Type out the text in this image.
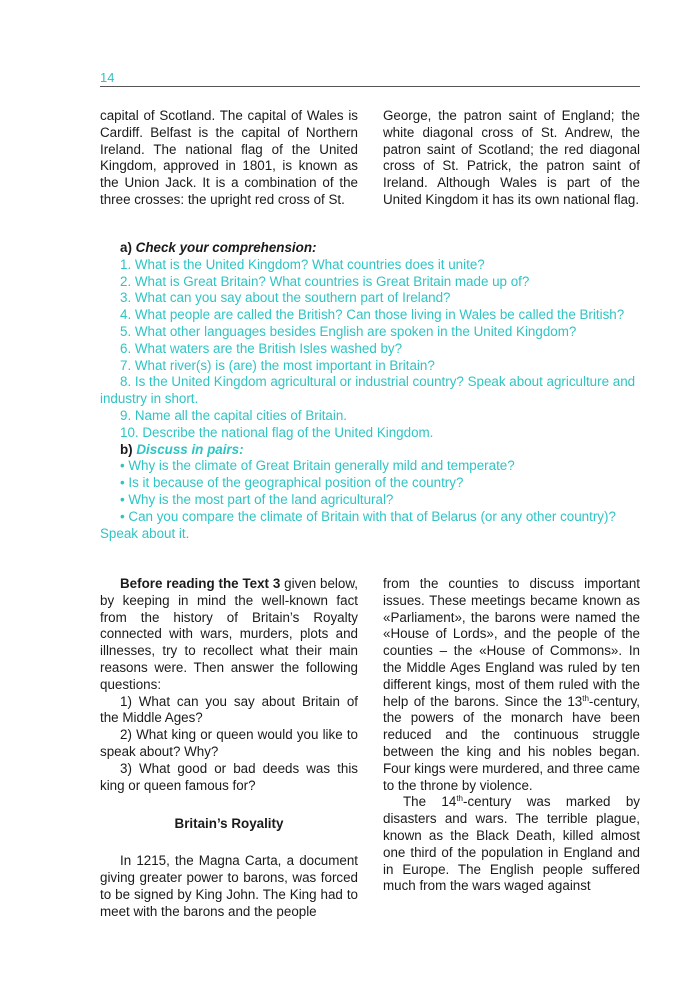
14

capital of Scotland. The capital of Wales is Cardiff. Belfast is the capital of Northern Ireland. The national flag of the United Kingdom, approved in 1801, is known as the Union Jack. It is a combination of the three crosses: the upright red cross of St.

George, the patron saint of England; the white diagonal cross of St. Andrew, the patron saint of Scotland; the red diagonal cross of St. Patrick, the patron saint of Ireland. Although Wales is part of the United Kingdom it has its own national flag.

a) Check your comprehension:

1. What is the United Kingdom? What countries does it unite?

2. What is Great Britain? What countries is Great Britain made up of?

3. What can you say about the southern part of Ireland?

4. What people are called the British? Can those living in Wales be called the British?

5. What other languages besides English are spoken in the United Kingdom?

6. What waters are the British Isles washed by?

7. What river(s) is (are) the most important in Britain?

8. Is the United Kingdom agricultural or industrial country? Speak about agriculture and industry in short.

9. Name all the capital cities of Britain.

10. Describe the national flag of the United Kingdom.

b) Discuss in pairs:

• Why is the climate of Great Britain generally mild and temperate?

• Is it because of the geographical position of the country?

• Why is the most part of the land agricultural?

• Can you compare the climate of Britain with that of Belarus (or any other country)? Speak about it.

Before reading the Text 3 given below, by keeping in mind the well-known fact from the history of Britain’s Royalty connected with wars, murders, plots and illnesses, try to recollect what their main reasons were. Then answer the following questions:

1) What can you say about Britain of the Middle Ages?

2) What king or queen would you like to speak about? Why?

3) What good or bad deeds was this king or queen famous for?

Britain’s Royality

In 1215, the Magna Carta, a document giving greater power to barons, was forced to be signed by King John. The King had to meet with the barons and the people

from the counties to discuss important issues. These meetings became known as «Parliament», the barons were named the «House of Lords», and the people of the counties – the «House of Commons». In the Middle Ages England was ruled by ten different kings, most of them ruled with the help of the barons. Since the 13th-century, the powers of the monarch have been reduced and the continuous struggle between the king and his nobles began. Four kings were murdered, and three came to the throne by violence.

The 14th-century was marked by disasters and wars. The terrible plague, known as the Black Death, killed almost one third of the population in England and in Europe. The English people suffered much from the wars waged against
